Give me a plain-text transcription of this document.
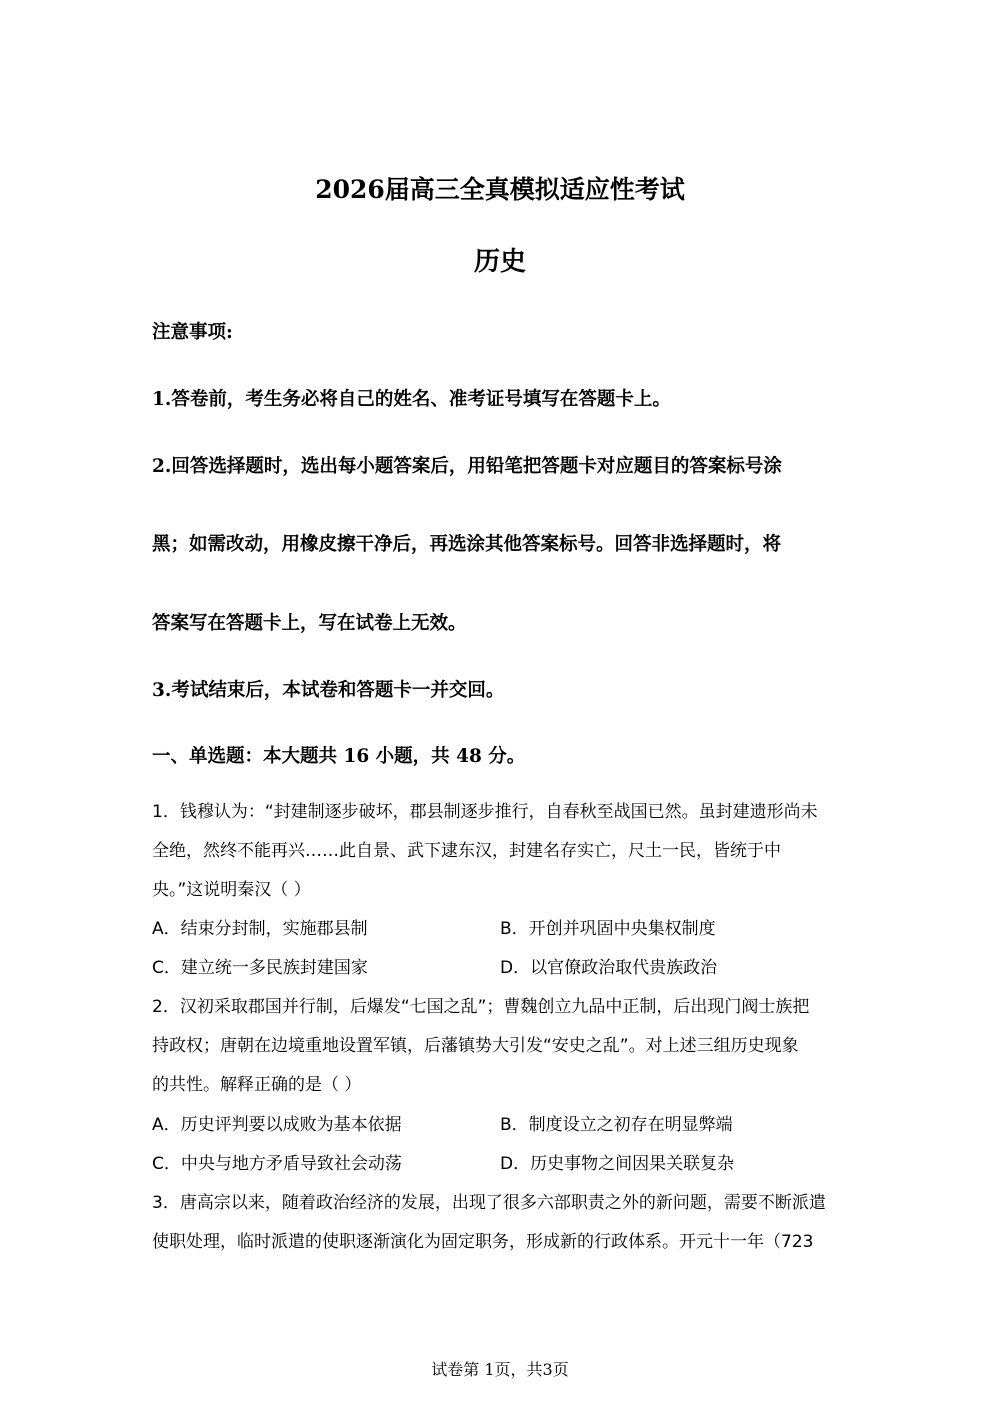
2026届高三全真模拟适应性考试
历史
注意事项:
1.答卷前，考生务必将自己的姓名、准考证号填写在答题卡上。
2.回答选择题时，选出每小题答案后，用铅笔把答题卡对应题目的答案标号涂
黑；如需改动，用橡皮擦干净后，再选涂其他答案标号。回答非选择题时，将
答案写在答题卡上，写在试卷上无效。
3.考试结束后，本试卷和答题卡一并交回。
一、单选题：本大题共 16 小题，共 48 分。
1．钱穆认为：“封建制逐步破坏，郡县制逐步推行，自春秋至战国已然。虽封建遗形尚未
全绝，然终不能再兴……此自景、武下逮东汉，封建名存实亡，尺土一民，皆统于中
央。”这说明秦汉（ ）
A．结束分封制，实施郡县制	B．开创并巩固中央集权制度
C．建立统一多民族封建国家	D．以官僚政治取代贵族政治
2．汉初采取郡国并行制，后爆发“七国之乱”；曹魏创立九品中正制，后出现门阀士族把
持政权；唐朝在边境重地设置军镇，后藩镇势大引发“安史之乱”。对上述三组历史现象
的共性。解释正确的是（ ）
A．历史评判要以成败为基本依据	B．制度设立之初存在明显弊端
C．中央与地方矛盾导致社会动荡	D．历史事物之间因果关联复杂
3．唐高宗以来，随着政治经济的发展，出现了很多六部职责之外的新问题，需要不断派遣
使职处理，临时派遣的使职逐渐演化为固定职务，形成新的行政体系。开元十一年（723
试卷第 1页，共3页
